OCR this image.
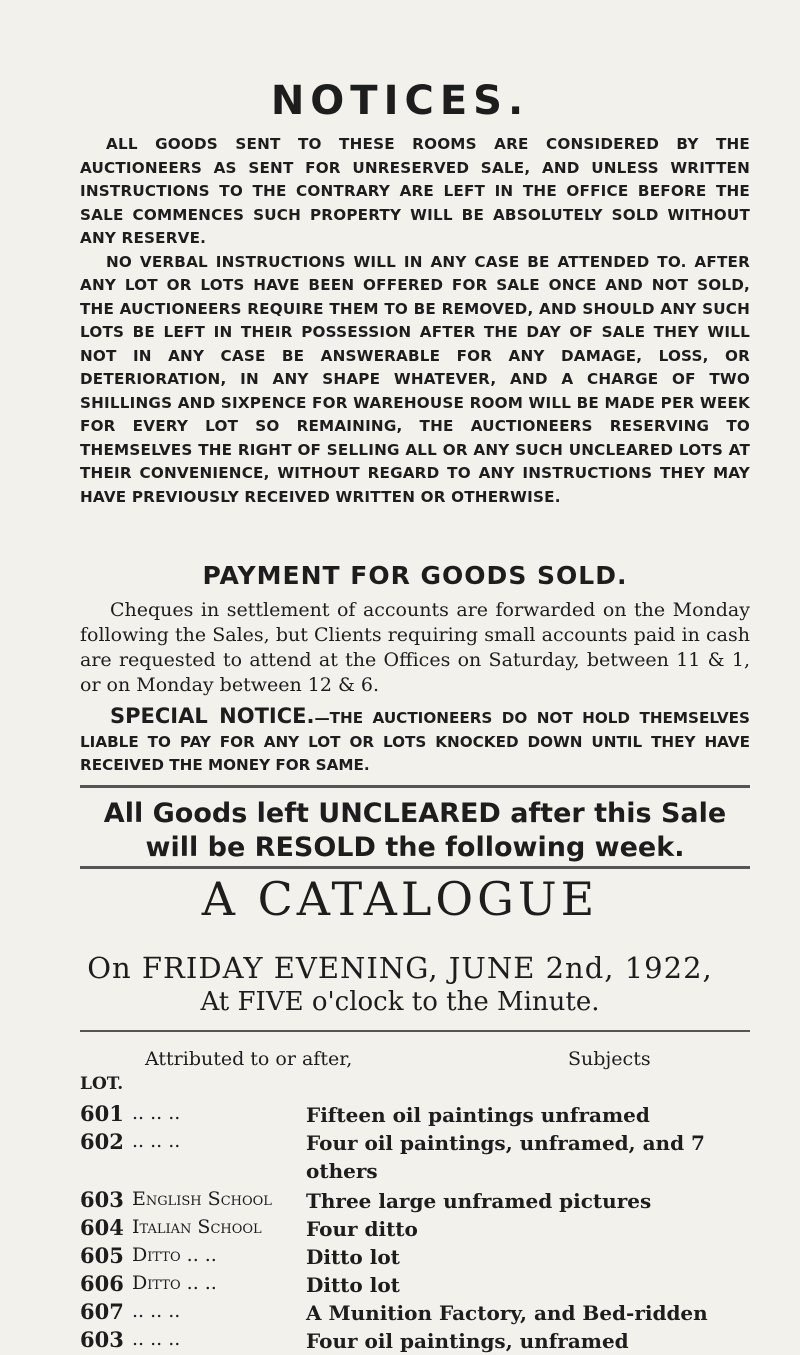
NOTICES.

ALL GOODS SENT TO THESE ROOMS ARE CONSIDERED BY THE AUCTIONEERS AS SENT FOR UNRESERVED SALE, AND UNLESS WRITTEN INSTRUCTIONS TO THE CONTRARY ARE LEFT IN THE OFFICE BEFORE THE SALE COMMENCES SUCH PROPERTY WILL BE ABSOLUTELY SOLD WITHOUT ANY RESERVE.

NO VERBAL INSTRUCTIONS WILL IN ANY CASE BE ATTENDED TO. AFTER ANY LOT OR LOTS HAVE BEEN OFFERED FOR SALE ONCE AND NOT SOLD, THE AUCTIONEERS REQUIRE THEM TO BE REMOVED, AND SHOULD ANY SUCH LOTS BE LEFT IN THEIR POSSESSION AFTER THE DAY OF SALE THEY WILL NOT IN ANY CASE BE ANSWERABLE FOR ANY DAMAGE, LOSS, OR DETERIORATION, IN ANY SHAPE WHATEVER, AND A CHARGE OF TWO SHILLINGS AND SIXPENCE FOR WAREHOUSE ROOM WILL BE MADE PER WEEK FOR EVERY LOT SO REMAINING, THE AUCTIONEERS RESERVING TO THEMSELVES THE RIGHT OF SELLING ALL OR ANY SUCH UNCLEARED LOTS AT THEIR CONVENIENCE, WITHOUT REGARD TO ANY INSTRUCTIONS THEY MAY HAVE PREVIOUSLY RECEIVED WRITTEN OR OTHERWISE.

PAYMENT FOR GOODS SOLD.

Cheques in settlement of accounts are forwarded on the Monday following the Sales, but Clients requiring small accounts paid in cash are requested to attend at the Offices on Saturday, between 11 & 1, or on Monday between 12 & 6.

SPECIAL NOTICE.—THE AUCTIONEERS DO NOT HOLD THEMSELVES LIABLE TO PAY FOR ANY LOT OR LOTS KNOCKED DOWN UNTIL THEY HAVE RECEIVED THE MONEY FOR SAME.

All Goods left UNCLEARED after this Sale will be RESOLD the following week.
A CATALOGUE
On FRIDAY EVENING, JUNE 2nd, 1922,
At FIVE o'clock to the Minute.
Attributed to or after,	Subjects
LOT.
601 .. .. ..	Fifteen oil paintings unframed
602 .. .. ..	Four oil paintings, unframed, and 7 others
603 English School	Three large unframed pictures
604 Italian School	Four ditto
605 Ditto .. ..	Ditto lot
606 Ditto .. ..	Ditto lot
607 .. .. ..	A Munition Factory, and Bed-ridden
603 .. .. ..	Four oil paintings, unframed
